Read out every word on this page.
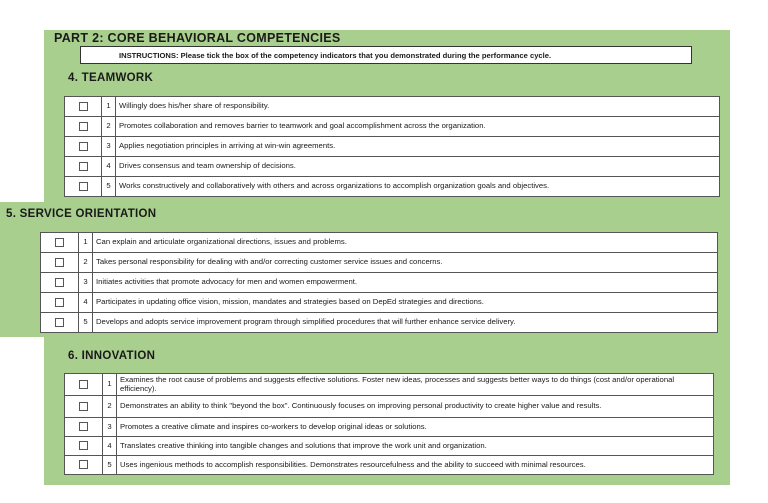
PART 2: CORE BEHAVIORAL COMPETENCIES
INSTRUCTIONS: Please tick the box of the competency indicators that you demonstrated during the performance cycle.
4. TEAMWORK
	1	Willingly does his/her share of responsibility.
	2	Promotes collaboration and removes barrier to teamwork and goal accomplishment across the organization.
	3	Applies negotiation principles in arriving at win-win agreements.
	4	Drives consensus and team ownership of decisions.
	5	Works constructively and collaboratively with others and across organizations to accomplish organization goals and objectives.
5. SERVICE ORIENTATION
	1	Can explain and articulate organizational directions, issues and problems.
	2	Takes personal responsibility for dealing with and/or correcting customer service issues and concerns.
	3	Initiates activities that promote advocacy for men and women empowerment.
	4	Participates in updating office vision, mission, mandates and strategies based on DepEd strategies and directions.
	5	Develops and adopts service improvement program through simplified procedures that will further enhance service delivery.
6. INNOVATION
	1	Examines the root cause of problems and suggests effective solutions. Foster new ideas, processes and suggests better ways to do things (cost and/or operational efficiency).
	2	Demonstrates an ability to think "beyond the box". Continuously focuses on improving personal productivity to create higher value and results.
	3	Promotes a creative climate and inspires co-workers to develop original ideas or solutions.
	4	Translates creative thinking into tangible changes and solutions that improve the work unit and organization.
	5	Uses ingenious methods to accomplish responsibilities. Demonstrates resourcefulness and the ability to succeed with minimal resources.
